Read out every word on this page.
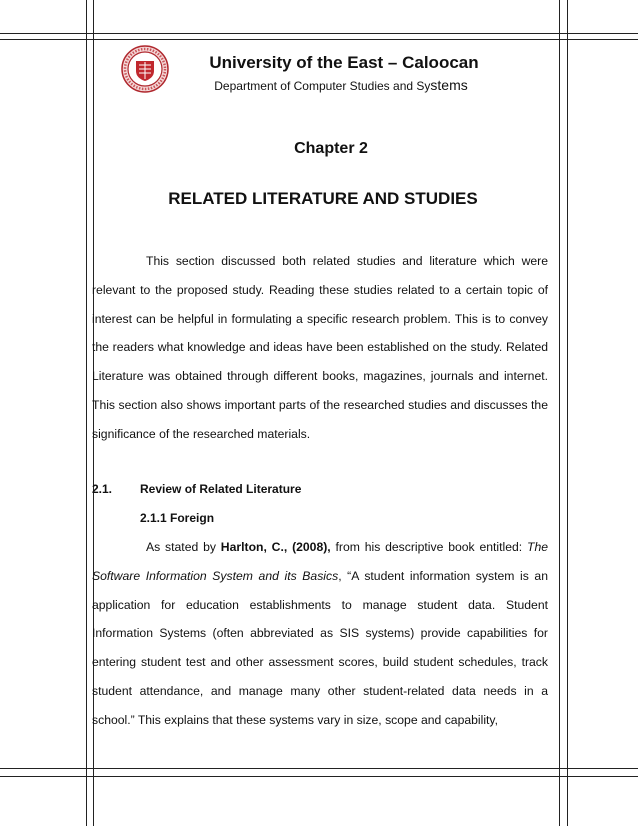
University of the East – Caloocan
Department of Computer Studies and Systems
Chapter 2
RELATED LITERATURE AND STUDIES

This section discussed both related studies and literature which were relevant to the proposed study. Reading these studies related to a certain topic of interest can be helpful in formulating a specific research problem. This is to convey the readers what knowledge and ideas have been established on the study. Related Literature was obtained through different books, magazines, journals and internet. This section also shows important parts of the researched studies and discusses the significance of the researched materials.

2.1. Review of Related Literature
2.1.1 Foreign

As stated by Harlton, C., (2008), from his descriptive book entitled: The Software Information System and its Basics, “A student information system is an application for education establishments to manage student data. Student Information Systems (often abbreviated as SIS systems) provide capabilities for entering student test and other assessment scores, build student schedules, track student attendance, and manage many other student-related data needs in a school.” This explains that these systems vary in size, scope and capability,
